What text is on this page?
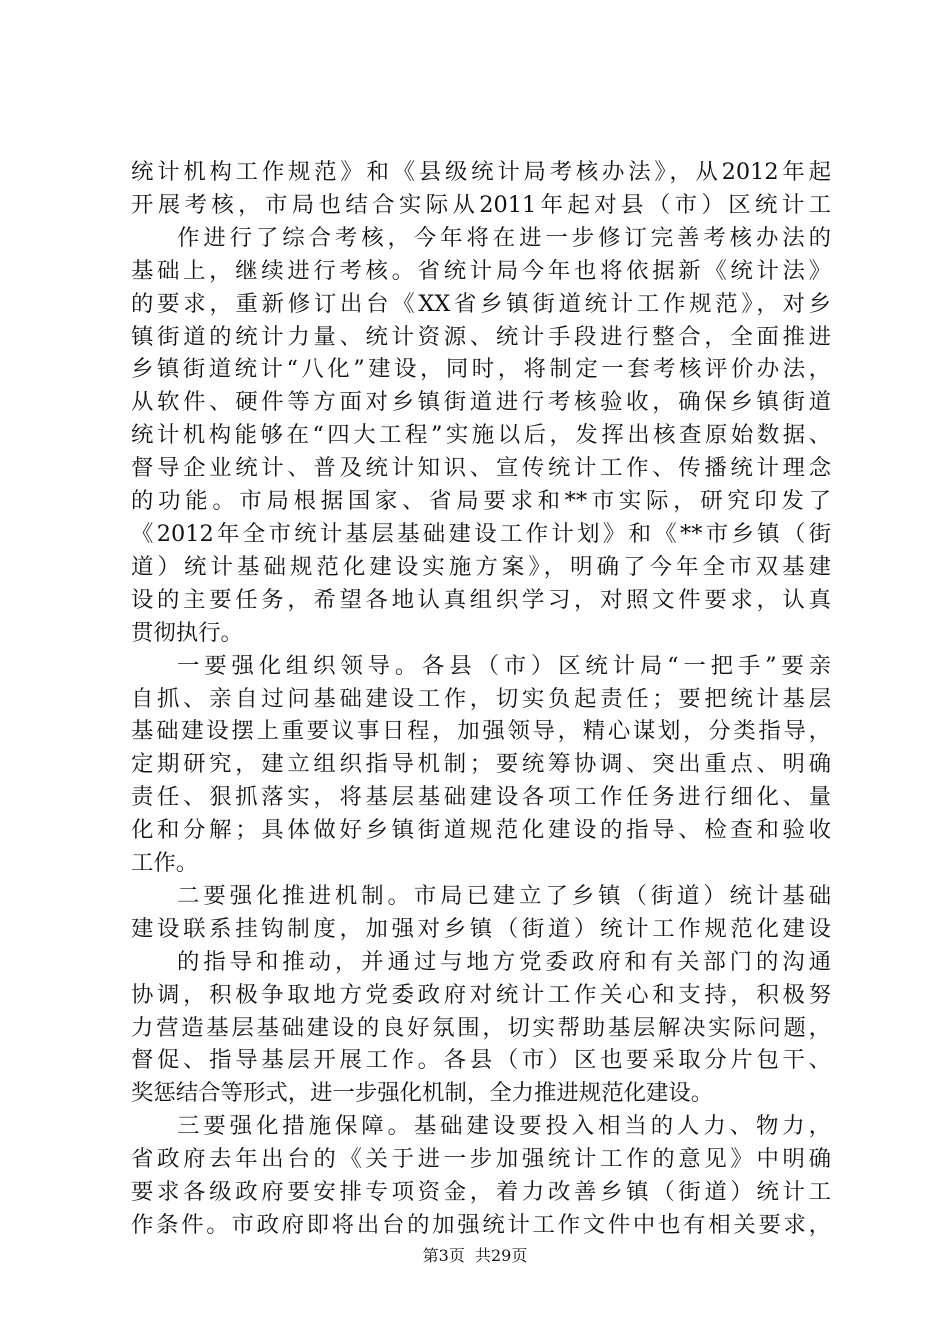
统计机构工作规范》和《县级统计局考核办法》，从2012年起
开展考核，市局也结合实际从2011年起对县（市）区统计工
作进行了综合考核，今年将在进一步修订完善考核办法的
基础上，继续进行考核。省统计局今年也将依据新《统计法》
的要求，重新修订出台《XX省乡镇街道统计工作规范》，对乡
镇街道的统计力量、统计资源、统计手段进行整合，全面推进
乡镇街道统计“八化”建设，同时，将制定一套考核评价办法，
从软件、硬件等方面对乡镇街道进行考核验收，确保乡镇街道
统计机构能够在“四大工程”实施以后，发挥出核查原始数据、
督导企业统计、普及统计知识、宣传统计工作、传播统计理念
的功能。市局根据国家、省局要求和**市实际，研究印发了
《2012年全市统计基层基础建设工作计划》和《**市乡镇（街
道）统计基础规范化建设实施方案》，明确了今年全市双基建
设的主要任务，希望各地认真组织学习，对照文件要求，认真
贯彻执行。
一要强化组织领导。各县（市）区统计局“一把手”要亲
自抓、亲自过问基础建设工作，切实负起责任；要把统计基层
基础建设摆上重要议事日程，加强领导，精心谋划，分类指导，
定期研究，建立组织指导机制；要统筹协调、突出重点、明确
责任、狠抓落实，将基层基础建设各项工作任务进行细化、量
化和分解；具体做好乡镇街道规范化建设的指导、检查和验收
工作。
二要强化推进机制。市局已建立了乡镇（街道）统计基础
建设联系挂钩制度，加强对乡镇（街道）统计工作规范化建设
的指导和推动，并通过与地方党委政府和有关部门的沟通
协调，积极争取地方党委政府对统计工作关心和支持，积极努
力营造基层基础建设的良好氛围，切实帮助基层解决实际问题，
督促、指导基层开展工作。各县（市）区也要采取分片包干、
奖惩结合等形式，进一步强化机制，全力推进规范化建设。
三要强化措施保障。基础建设要投入相当的人力、物力，
省政府去年出台的《关于进一步加强统计工作的意见》中明确
要求各级政府要安排专项资金，着力改善乡镇（街道）统计工
作条件。市政府即将出台的加强统计工作文件中也有相关要求，
第3页  共29页
